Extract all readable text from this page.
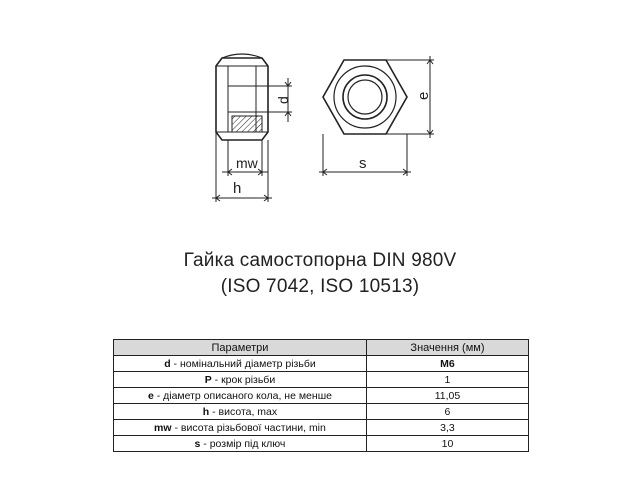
d
mw
h
s
e
Гайка самостопорна DIN 980V
(ISO 7042, ISO 10513)
Параметри	Значення (мм)
d - номінальний діаметр різьби	M6
P - крок різьби	1
e - діаметр описаного кола, не менше	11,05
h - висота, max	6
mw - висота різьбової частини, min	3,3
s - розмір під ключ	10
